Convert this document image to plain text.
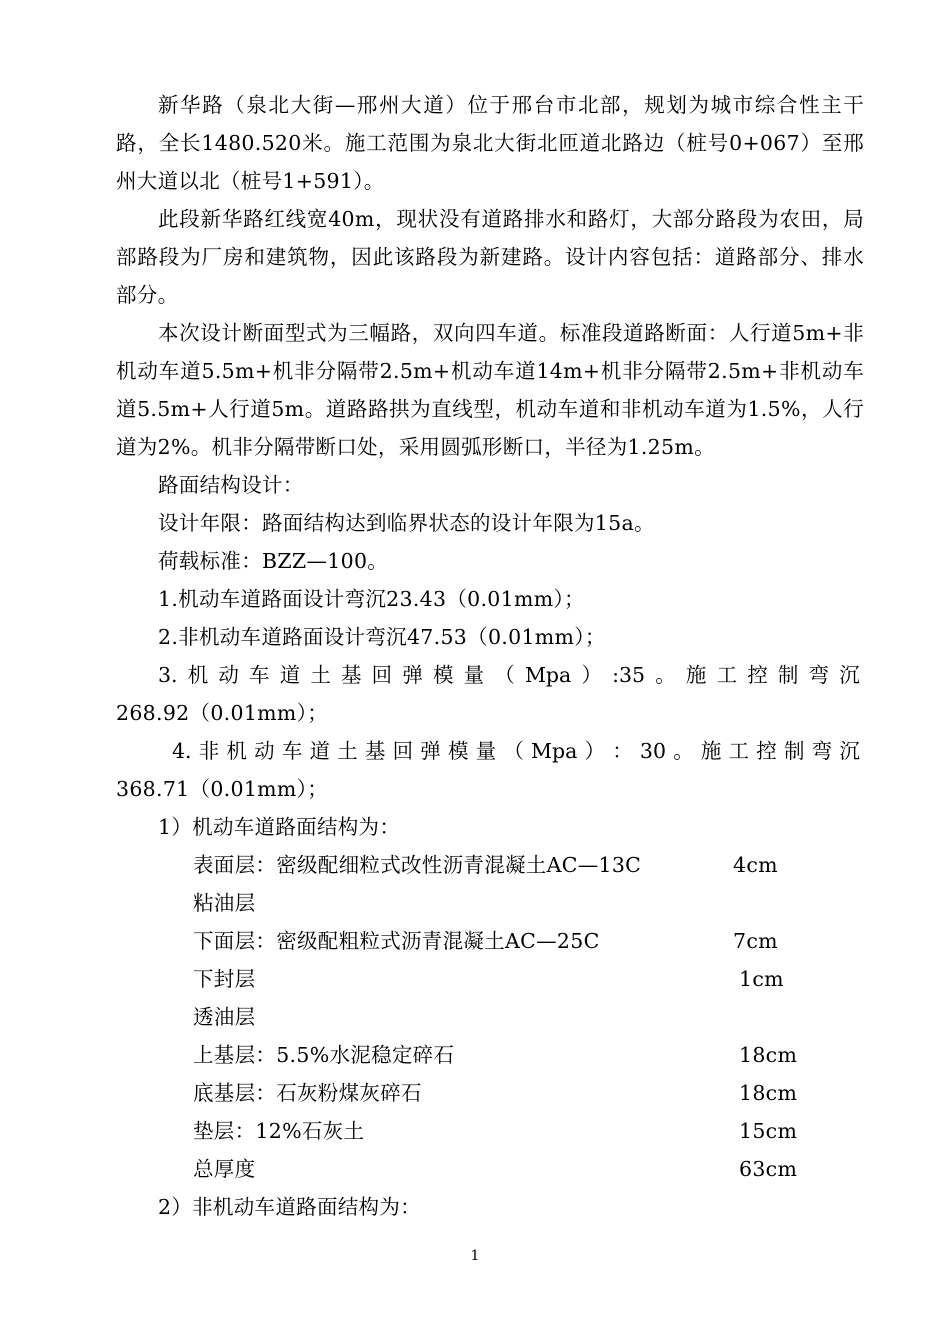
新华路（泉北大街—邢州大道）位于邢台市北部，规划为城市综合性主干路，全长1480.520米。施工范围为泉北大街北匝道北路边（桩号0+067）至邢州大道以北（桩号1+591）。
此段新华路红线宽40m，现状没有道路排水和路灯，大部分路段为农田，局部路段为厂房和建筑物，因此该路段为新建路。设计内容包括：道路部分、排水部分。
本次设计断面型式为三幅路，双向四车道。标准段道路断面：人行道5m+非机动车道5.5m+机非分隔带2.5m+机动车道14m+机非分隔带2.5m+非机动车道5.5m+人行道5m。道路路拱为直线型，机动车道和非机动车道为1.5%，人行道为2%。机非分隔带断口处，采用圆弧形断口，半径为1.25m。
路面结构设计：
设计年限：路面结构达到临界状态的设计年限为15a。
荷载标准：BZZ—100。
1.机动车道路面设计弯沉23.43（0.01mm）；
2.非机动车道路面设计弯沉47.53（0.01mm）；
3. 机 动 车 道 土 基 回 弹 模 量 （ Mpa ） :35 。 施 工 控 制 弯 沉
268.92（0.01mm）；
4. 非 机 动 车 道 土 基 回 弹 模 量 （ Mpa ） ： 30 。 施 工 控 制 弯 沉
368.71（0.01mm）；
1）机动车道路面结构为：
表面层：密级配细粒式改性沥青混凝土AC—13C	4cm
粘油层
下面层：密级配粗粒式沥青混凝土AC—25C	7cm
下封层	1cm
透油层
上基层：5.5%水泥稳定碎石	18cm
底基层：石灰粉煤灰碎石	18cm
垫层：12%石灰土	15cm
总厚度	63cm
2）非机动车道路面结构为：
1
